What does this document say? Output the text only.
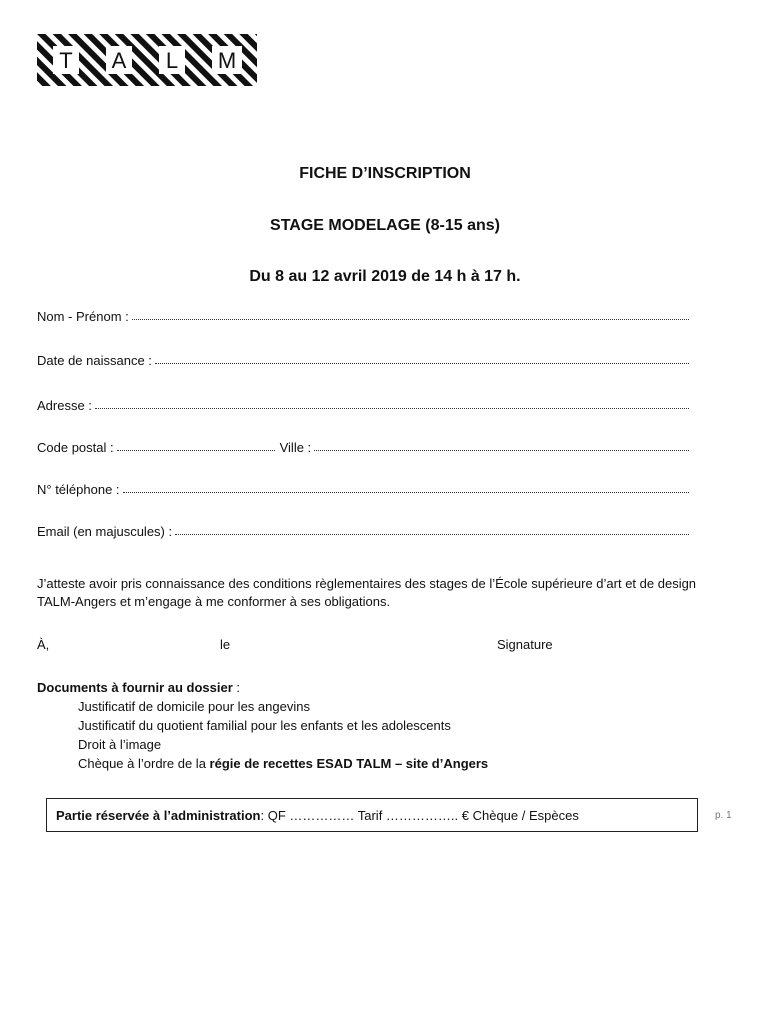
T A L M
FICHE D’INSCRIPTION
STAGE MODELAGE (8-15 ans)
Du 8 au 12 avril 2019 de 14 h à 17 h.
Nom - Prénom :
Date de naissance :
Adresse :
Code postal :	Ville :
N° téléphone :
Email (en majuscules) :
J’atteste avoir pris connaissance des conditions règlementaires des stages de l’École supérieure d’art et de design TALM-Angers et m’engage à me conformer à ses obligations.
À,	le	Signature
Documents à fournir au dossier :
Justificatif de domicile pour les angevins
Justificatif du quotient familial pour les enfants et les adolescents
Droit à l’image
Chèque à l’ordre de la régie de recettes ESAD TALM – site d’Angers
Partie réservée à l’administration : QF …………… Tarif …………….. € Chèque / Espèces	p. 1
